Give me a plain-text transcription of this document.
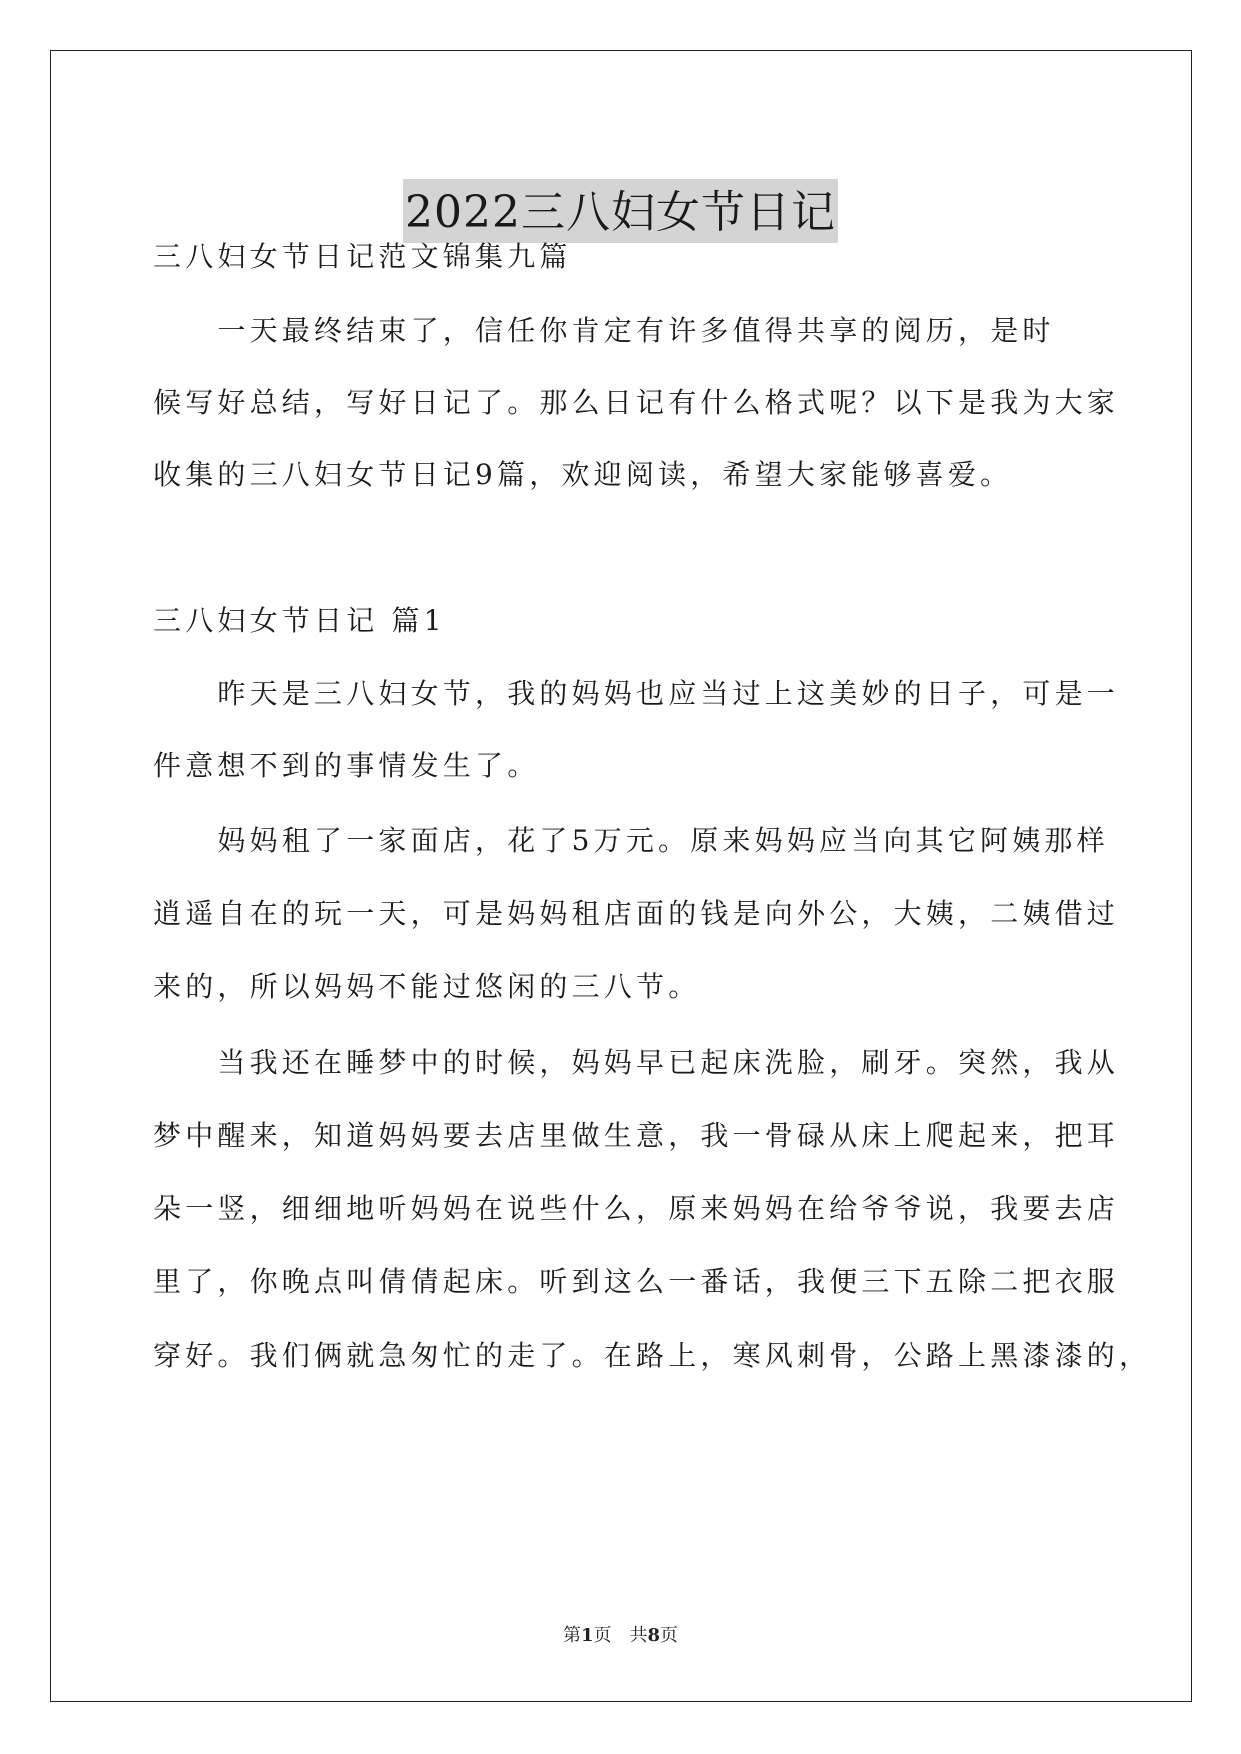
2022三八妇女节日记

三八妇女节日记范文锦集九篇

　　一天最终结束了，信任你肯定有许多值得共享的阅历，是时

候写好总结，写好日记了。那么日记有什么格式呢？以下是我为大家

收集的三八妇女节日记9篇，欢迎阅读，希望大家能够喜爱。

三八妇女节日记 篇1

　　昨天是三八妇女节，我的妈妈也应当过上这美妙的日子，可是一

件意想不到的事情发生了。

　　妈妈租了一家面店，花了5万元。原来妈妈应当向其它阿姨那样

逍遥自在的玩一天，可是妈妈租店面的钱是向外公，大姨，二姨借过

来的，所以妈妈不能过悠闲的三八节。

　　当我还在睡梦中的时候，妈妈早已起床洗脸，刷牙。突然，我从

梦中醒来，知道妈妈要去店里做生意，我一骨碌从床上爬起来，把耳

朵一竖，细细地听妈妈在说些什么，原来妈妈在给爷爷说，我要去店

里了，你晚点叫倩倩起床。听到这么一番话，我便三下五除二把衣服

穿好。我们俩就急匆忙的走了。在路上，寒风刺骨，公路上黑漆漆的，

第1页　共8页
